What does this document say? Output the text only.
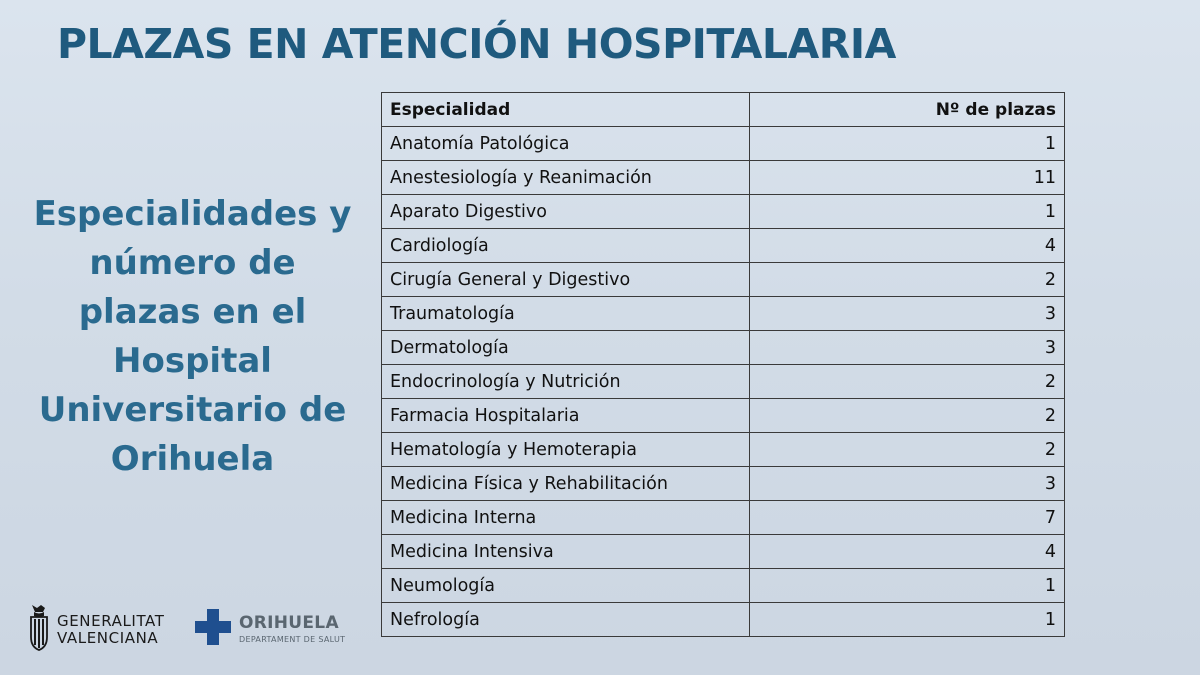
PLAZAS EN ATENCIÓN HOSPITALARIA

Especialidades y número de plazas en el Hospital Universitario de Orihuela

Especialidad	Nº de plazas
Anatomía Patológica	1
Anestesiología y Reanimación	11
Aparato Digestivo	1
Cardiología	4
Cirugía General y Digestivo	2
Traumatología	3
Dermatología	3
Endocrinología y Nutrición	2
Farmacia Hospitalaria	2
Hematología y Hemoterapia	2
Medicina Física y Rehabilitación	3
Medicina Interna	7
Medicina Intensiva	4
Neumología	1
Nefrología	1
GENERALITAT
VALENCIANA
ORIHUELA
DEPARTAMENT DE SALUT
